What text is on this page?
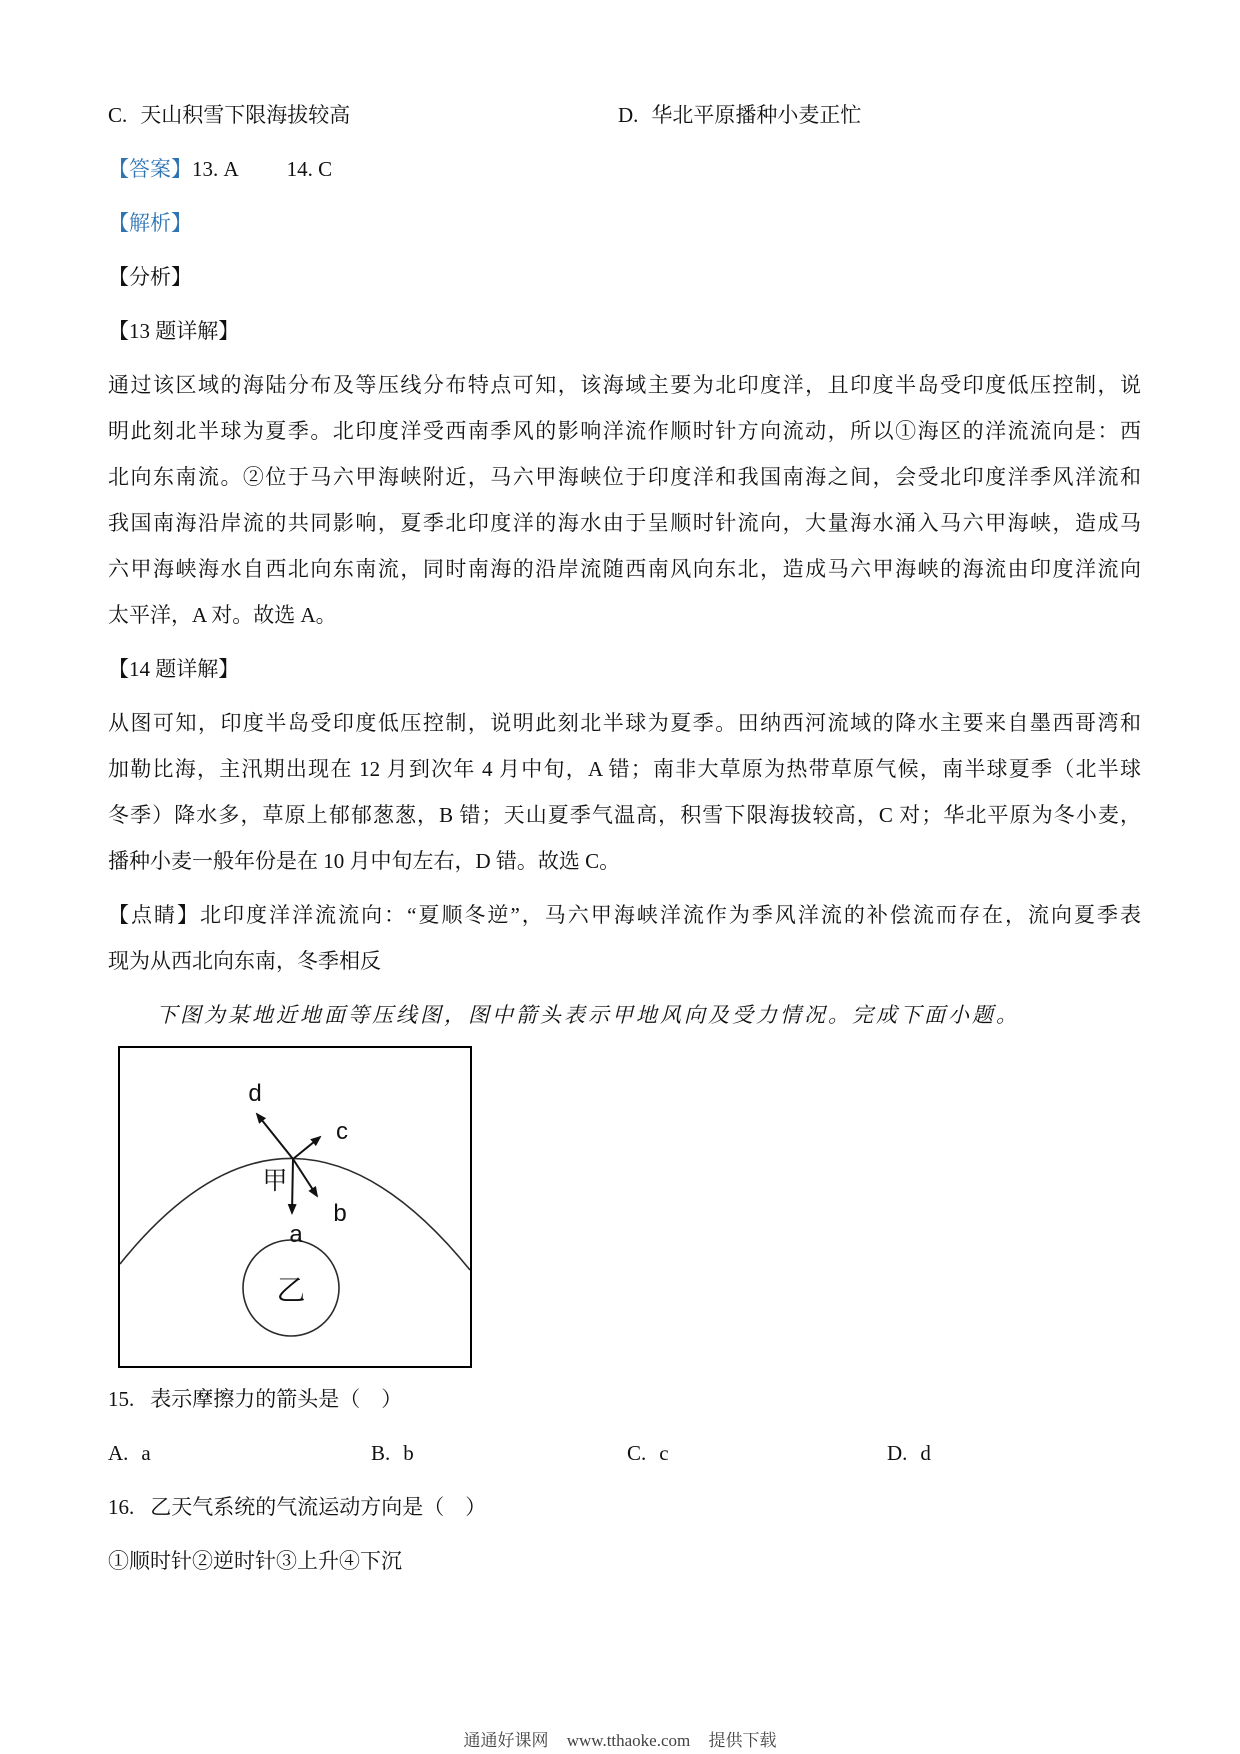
C. 天山积雪下限海拔较高	D. 华北平原播种小麦正忙
【答案】13. A 14. C
【解析】
【分析】
【13 题详解】
通过该区域的海陆分布及等压线分布特点可知，该海域主要为北印度洋，且印度半岛受印度低压控制，说
明此刻北半球为夏季。北印度洋受西南季风的影响洋流作顺时针方向流动，所以①海区的洋流流向是：西
北向东南流。②位于马六甲海峡附近，马六甲海峡位于印度洋和我国南海之间，会受北印度洋季风洋流和
我国南海沿岸流的共同影响，夏季北印度洋的海水由于呈顺时针流向，大量海水涌入马六甲海峡，造成马
六甲海峡海水自西北向东南流，同时南海的沿岸流随西南风向东北，造成马六甲海峡的海流由印度洋流向
太平洋，A 对。故选 A。
【14 题详解】
从图可知，印度半岛受印度低压控制，说明此刻北半球为夏季。田纳西河流域的降水主要来自墨西哥湾和
加勒比海，主汛期出现在 12 月到次年 4 月中旬，A 错；南非大草原为热带草原气候，南半球夏季（北半球
冬季）降水多，草原上郁郁葱葱，B 错；天山夏季气温高，积雪下限海拔较高，C 对；华北平原为冬小麦，
播种小麦一般年份是在 10 月中旬左右，D 错。故选 C。
【点睛】北印度洋洋流流向：“夏顺冬逆”，马六甲海峡洋流作为季风洋流的补偿流而存在，流向夏季表
现为从西北向东南，冬季相反
下图为某地近地面等压线图，图中箭头表示甲地风向及受力情况。完成下面小题。
a
b
c
d
甲
乙
15. 表示摩擦力的箭头是（　）
A. a	B. b	C. c	D. d
16. 乙天气系统的气流运动方向是（　）
①顺时针②逆时针③上升④下沉
通通好课网 www.tthaoke.com 提供下载
